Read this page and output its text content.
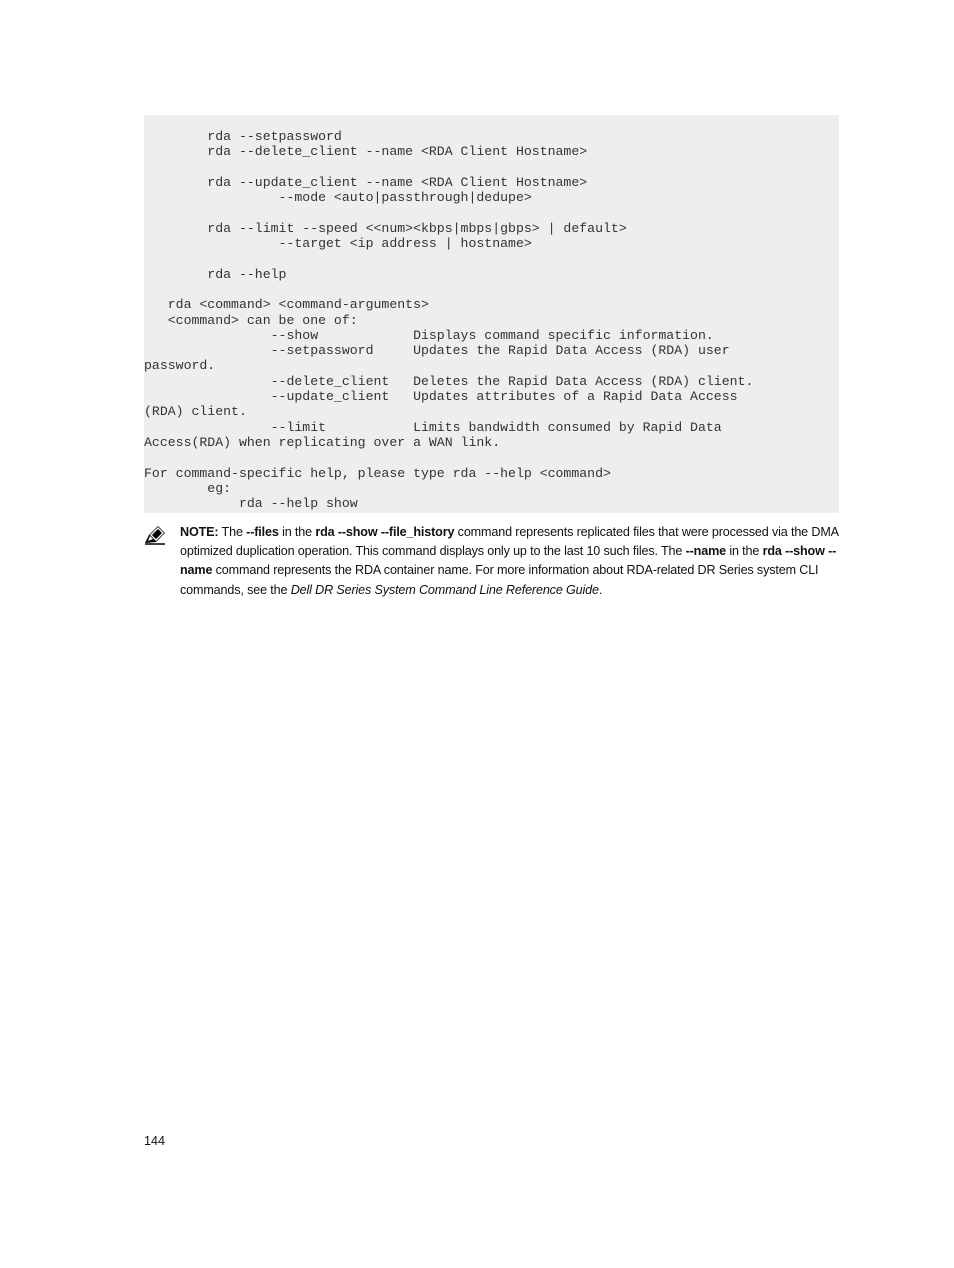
rda --setpassword
rda --delete_client --name <RDA Client Hostname>
rda --update_client --name <RDA Client Hostname>
--mode <auto|passthrough|dedupe>
rda --limit --speed <<num><kbps|mbps|gbps> | default>
--target <ip address | hostname>
rda --help
rda <command> <command-arguments>
<command> can be one of:
--show            Displays command specific information.
--setpassword     Updates the Rapid Data Access (RDA) user
password.
--delete_client   Deletes the Rapid Data Access (RDA) client.
--update_client   Updates attributes of a Rapid Data Access
(RDA) client.
--limit           Limits bandwidth consumed by Rapid Data
Access(RDA) when replicating over a WAN link.
For command-specific help, please type rda --help <command>
eg:
rda --help show
NOTE: The --files in the rda --show --file_history command represents replicated files that were processed via the DMA optimized duplication operation. This command displays only up to the last 10 such files. The --name in the rda --show --name command represents the RDA container name. For more information about RDA-related DR Series system CLI commands, see the Dell DR Series System Command Line Reference Guide.
144
